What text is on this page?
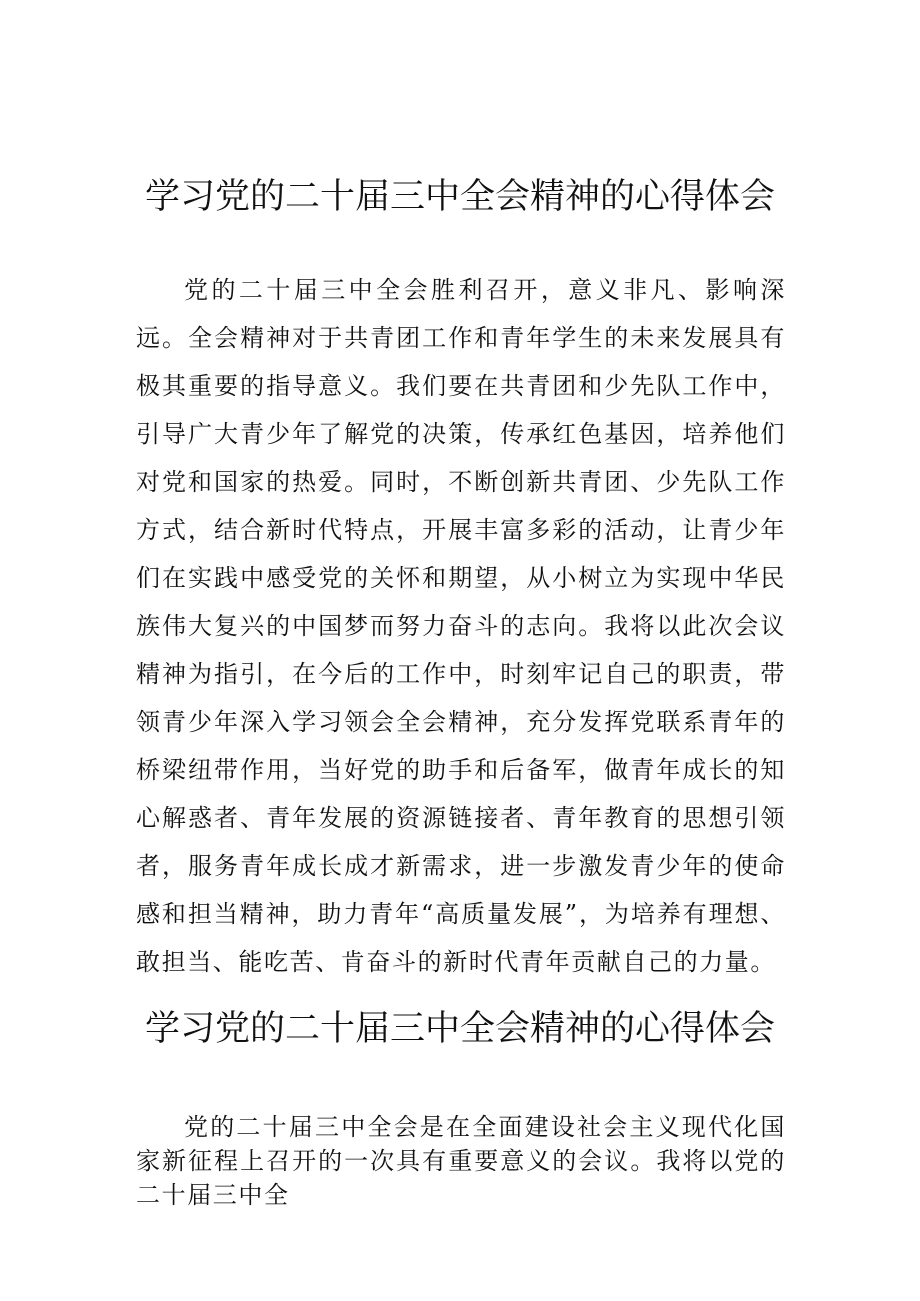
学习党的二十届三中全会精神的心得体会

党的二十届三中全会胜利召开，意义非凡、影响深远。全会精神对于共青团工作和青年学生的未来发展具有极其重要的指导意义。我们要在共青团和少先队工作中，引导广大青少年了解党的决策，传承红色基因，培养他们对党和国家的热爱。同时，不断创新共青团、少先队工作方式，结合新时代特点，开展丰富多彩的活动，让青少年们在实践中感受党的关怀和期望，从小树立为实现中华民族伟大复兴的中国梦而努力奋斗的志向。我将以此次会议精神为指引，在今后的工作中，时刻牢记自己的职责，带领青少年深入学习领会全会精神，充分发挥党联系青年的桥梁纽带作用，当好党的助手和后备军，做青年成长的知心解惑者、青年发展的资源链接者、青年教育的思想引领者，服务青年成长成才新需求，进一步激发青少年的使命感和担当精神，助力青年“高质量发展”，为培养有理想、敢担当、能吃苦、肯奋斗的新时代青年贡献自己的力量。

学习党的二十届三中全会精神的心得体会

党的二十届三中全会是在全面建设社会主义现代化国家新征程上召开的一次具有重要意义的会议。我将以党的二十届三中全
